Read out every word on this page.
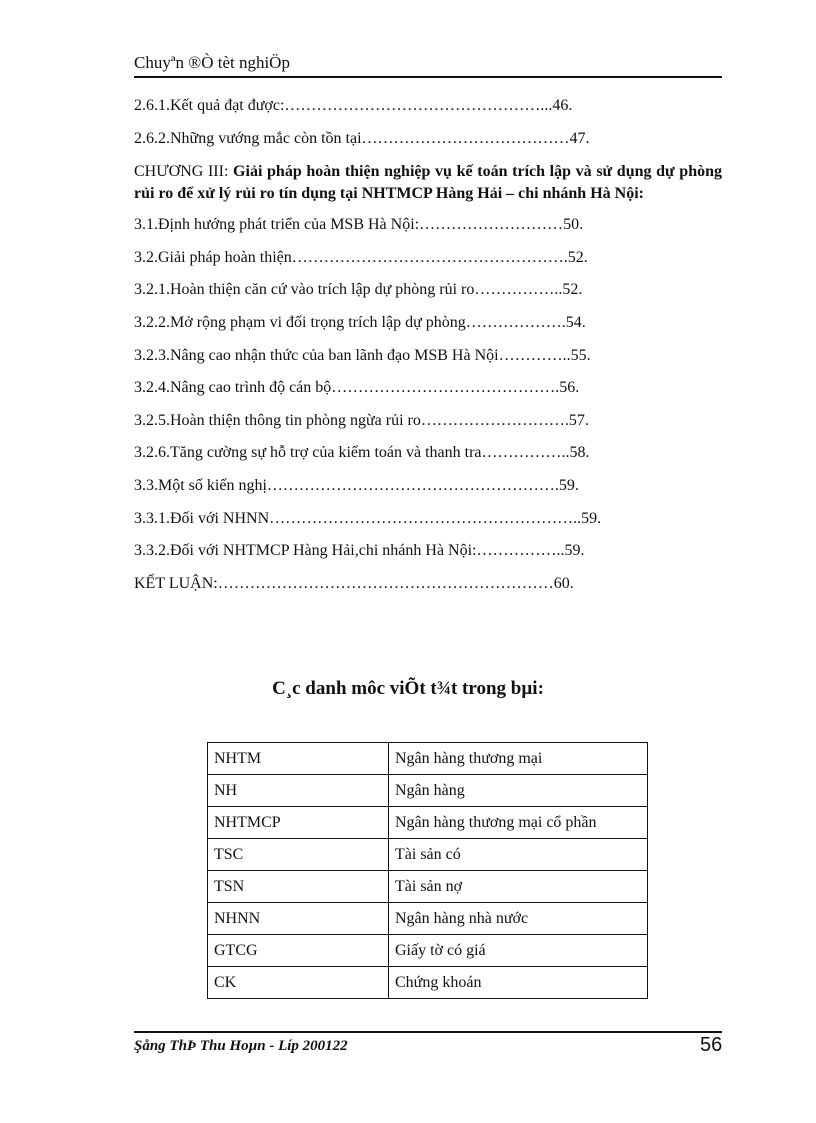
Chuyªn ®Ò tèt nghiÖp
2.6.1.Kết quả đạt được:…………………………………………...46.
2.6.2.Những vướng mắc còn tồn tại…………………………………47.
CHƯƠNG III: Giải pháp hoàn thiện nghiệp vụ kế toán trích lập và sử dụng dự phòng rủi ro để xử lý rủi ro tín dụng tại NHTMCP Hàng Hải – chi nhánh Hà Nội:
3.1.Định hướng phát triển của MSB Hà Nội:………………………50.
3.2.Giải pháp hoàn thiện…………………………………………….52.
3.2.1.Hoàn thiện căn cứ vào trích lập dự phòng rủi ro……………..52.
3.2.2.Mở rộng phạm vi đối trọng trích lập dự phòng……………….54.
3.2.3.Nâng cao nhận thức của ban lãnh đạo MSB Hà Nội…………..55.
3.2.4.Nâng cao trình độ cán bộ…………………………………….56.
3.2.5.Hoàn thiện thông tin phòng ngừa rủi ro……………………….57.
3.2.6.Tăng cường sự hỗ trợ của kiểm toán và thanh tra……………..58.
3.3.Một số kiến nghị……………………………………………….59.
3.3.1.Đối với NHNN…………………………………………………..59.
3.3.2.Đối với NHTMCP Hàng Hải,chi nhánh Hà Nội:……………..59.
KẾT LUẬN:………………………………………………………60.
C¸c danh môc viÕt t¾t trong bµi:
NHTM	Ngân hàng thương mại
NH	Ngân hàng
NHTMCP	Ngân hàng thương mại cổ phần
TSC	Tài sản có
TSN	Tài sản nợ
NHNN	Ngân hàng nhà nước
GTCG	Giấy tờ có giá
CK	Chứng khoán
Şång ThÞ Thu Hoµn - Líp 200122	56
